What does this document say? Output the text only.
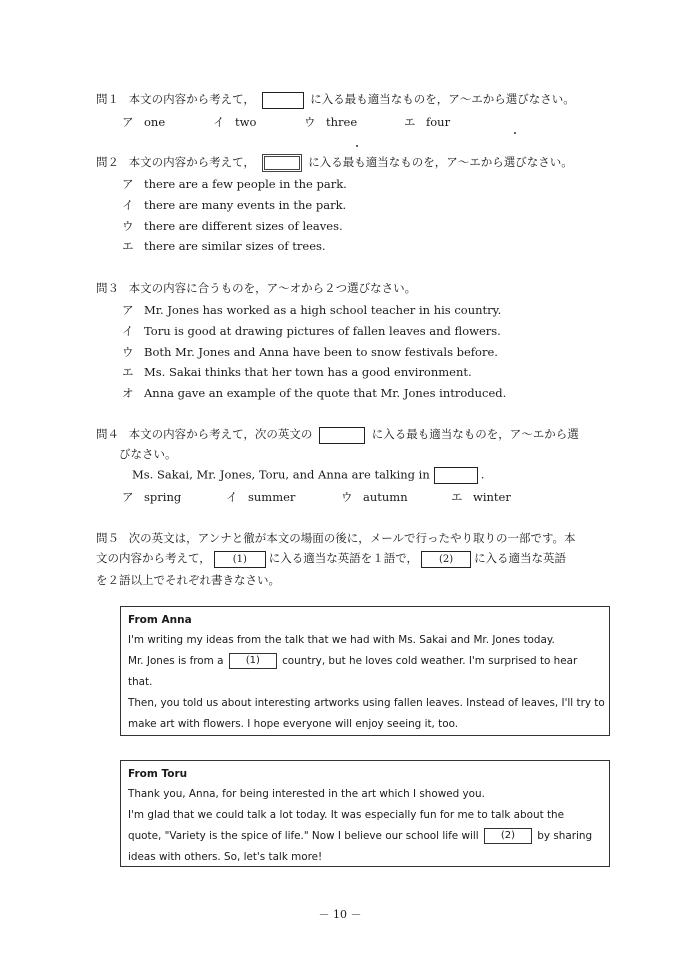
問１ 本文の内容から考えて，	に入る最も適当なものを，ア～エから選びなさい。
ア one	イ two	ウ three	エ four
問２ 本文の内容から考えて，	に入る最も適当なものを，ア～エから選びなさい。
ア there are a few people in the park.
イ there are many events in the park.
ウ there are different sizes of leaves.
エ there are similar sizes of trees.
問３ 本文の内容に合うものを，ア～オから２つ選びなさい。
ア Mr. Jones has worked as a high school teacher in his country.
イ Toru is good at drawing pictures of fallen leaves and flowers.
ウ Both Mr. Jones and Anna have been to snow festivals before.
エ Ms. Sakai thinks that her town has a good environment.
オ Anna gave an example of the quote that Mr. Jones introduced.
問４ 本文の内容から考えて，次の英文の	に入る最も適当なものを，ア～エから選
びなさい。
Ms. Sakai, Mr. Jones, Toru, and Anna are talking in	.
ア spring	イ summer	ウ autumn	エ winter
問５ 次の英文は，アンナと徹が本文の場面の後に，メールで行ったやり取りの一部です。本
文の内容から考えて，	(1)	に入る適当な英語を１語で，	(2)	に入る適当な英語
を２語以上でそれぞれ書きなさい。
From Anna

I'm writing my ideas from the talk that we had with Ms. Sakai and Mr. Jones today.

Mr. Jones is from a (1) country, but he loves cold weather. I'm surprised to hear

that.

Then, you told us about interesting artworks using fallen leaves. Instead of leaves, I'll try to

make art with flowers. I hope everyone will enjoy seeing it, too.

From Toru

Thank you, Anna, for being interested in the art which I showed you.

I'm glad that we could talk a lot today. It was especially fun for me to talk about the

quote, "Variety is the spice of life." Now I believe our school life will (2) by sharing

ideas with others. So, let's talk more!

－ 10 －
